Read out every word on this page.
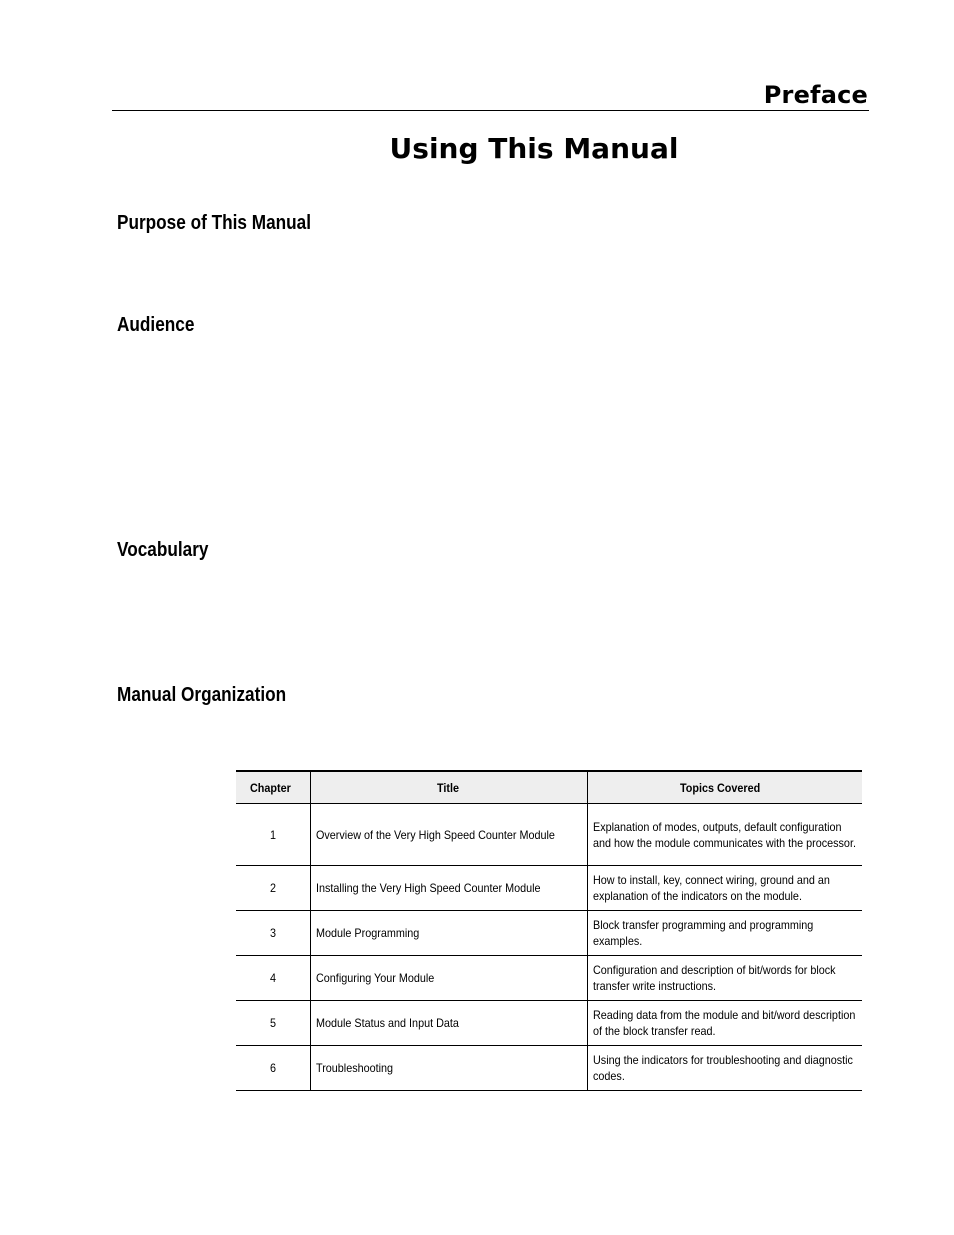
Preface
Using This Manual
Purpose of This Manual
Audience
Vocabulary
Manual Organization
Chapter	Title	Topics Covered
1	Overview of the Very High Speed Counter Module	Explanation of modes, outputs, default configuration and how the module communicates with the processor.

2	Installing the Very High Speed Counter Module	How to install, key, connect wiring, ground and an explanation of the indicators on the module.

3	Module Programming	Block transfer programming and programming examples.

4	Configuring Your Module	Configuration and description of bit/words for block transfer write instructions.

5	Module Status and Input Data	Reading data from the module and bit/word description of the block transfer read.

6	Troubleshooting	Using the indicators for troubleshooting and diagnostic codes.
